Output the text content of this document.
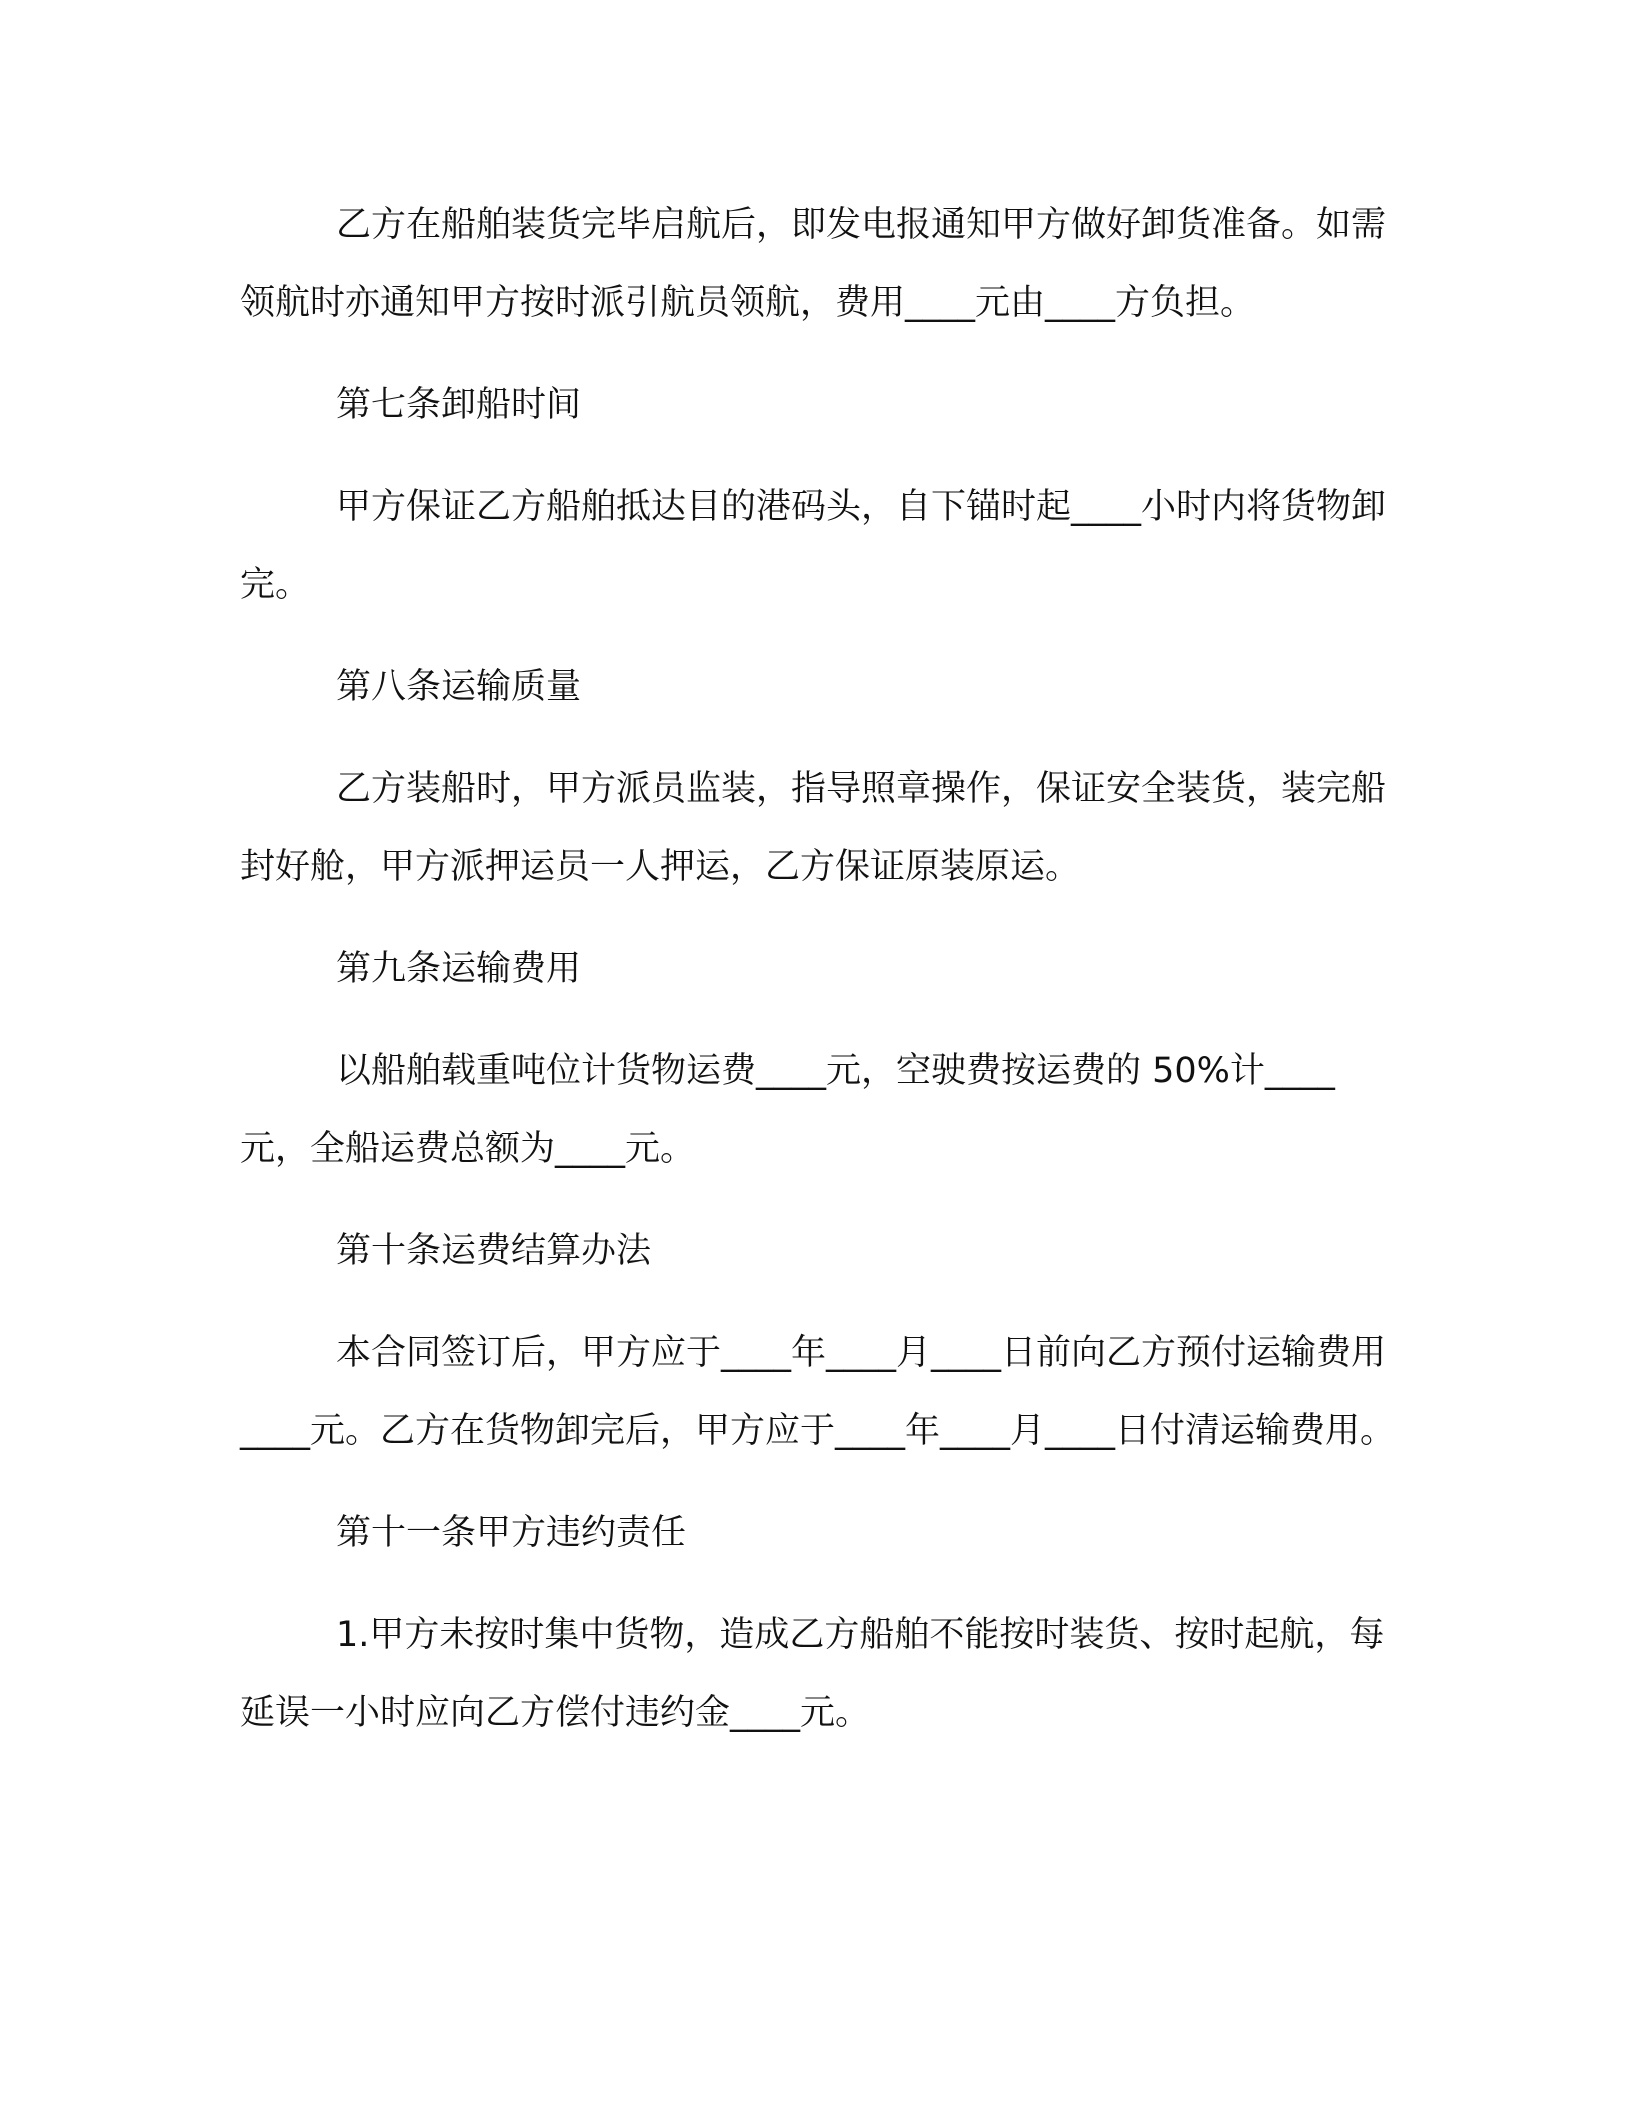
乙方在船舶装货完毕启航后，即发电报通知甲方做好卸货准备。如需领航时亦通知甲方按时派引航员领航，费用____元由____方负担。

第七条卸船时间

甲方保证乙方船舶抵达目的港码头，自下锚时起____小时内将货物卸完。

第八条运输质量

乙方装船时，甲方派员监装，指导照章操作，保证安全装货，装完船封好舱，甲方派押运员一人押运，乙方保证原装原运。

第九条运输费用

以船舶载重吨位计货物运费____元，空驶费按运费的 50%计____元，全船运费总额为____元。

第十条运费结算办法

本合同签订后，甲方应于____年____月____日前向乙方预付运输费用____元。乙方在货物卸完后，甲方应于____年____月____日付清运输费用。

第十一条甲方违约责任

1.甲方未按时集中货物，造成乙方船舶不能按时装货、按时起航，每延误一小时应向乙方偿付违约金____元。
